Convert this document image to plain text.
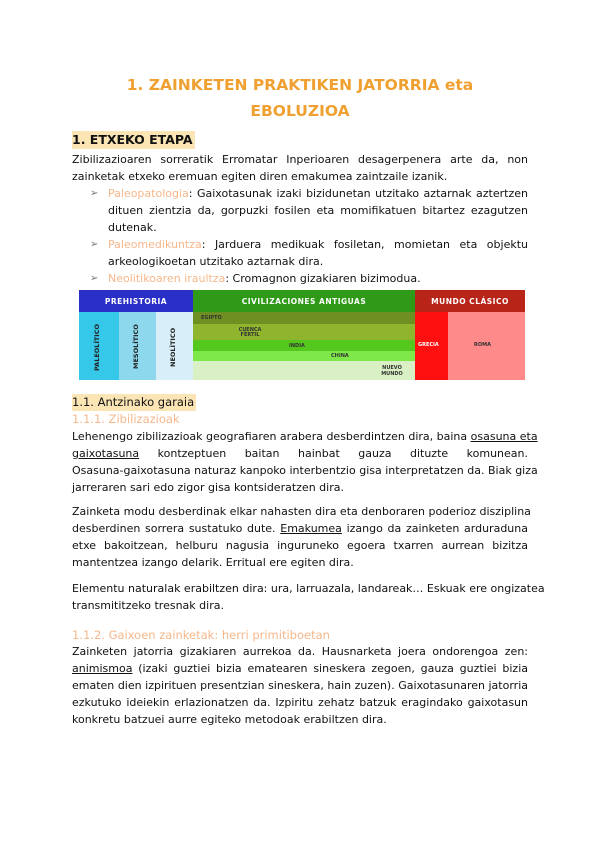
1. ZAINKETEN PRAKTIKEN JATORRIA eta
EBOLUZIOA
1. ETXEKO ETAPA
Zibilizazioaren sorreratik Erromatar Inperioaren desagerpenera arte da, non
zainketak etxeko eremuan egiten diren emakumea zaintzaile izanik.
➢ Paleopatologia: Gaixotasunak izaki bizidunetan utzitako aztarnak aztertzen
dituen zientzia da, gorpuzki fosilen eta momifikatuen bitartez ezagutzen
dutenak.
➢ Paleomedikuntza: Jarduera medikuak fosiletan, momietan eta objektu
arkeologikoetan utzitako aztarnak dira.
➢ Neolitikoaren iraultza: Cromagnon gizakiaren bizimodua.
1.1. Antzinako garaia
1.1.1. Zibilizazioak
Lehenengo zibilizazioak geografiaren arabera desberdintzen dira, baina osasuna eta
gaixotasuna kontzeptuen baitan hainbat gauza dituzte komunean.
Osasuna-gaixotasuna naturaz kanpoko interbentzio gisa interpretatzen da. Biak giza
jarreraren sari edo zigor gisa kontsideratzen dira.
Zainketa modu desberdinak elkar nahasten dira eta denboraren poderioz disziplina
desberdinen sorrera sustatuko dute. Emakumea izango da zainketen arduraduna
etxe bakoitzean, helburu nagusia inguruneko egoera txarren aurrean bizitza
mantentzea izango delarik. Erritual ere egiten dira.
Elementu naturalak erabiltzen dira: ura, larruazala, landareak… Eskuak ere ongizatea
transmititzeko tresnak dira.
1.1.2. Gaixoen zainketak: herri primitiboetan
Zainketen jatorria gizakiaren aurrekoa da. Hausnarketa joera ondorengoa zen:
animismoa (izaki guztiei bizia ematearen sineskera zegoen, gauza guztiei bizia
ematen dien izpirituen presentzian sineskera, hain zuzen). Gaixotasunaren jatorria
ezkutuko ideiekin erlazionatzen da. Izpiritu zehatz batzuk eragindako gaixotasun
konkretu batzuei aurre egiteko metodoak erabiltzen dira.
PREHISTORIA	CIVILIZACIONES ANTIGUAS	MUNDO CLÁSICO
PALEOLÍTICO	MESOLÍTICO	NEOLÍTICO
EGIPTO
CUENCA FÉRTIL
INDIA
CHINA
NUEVO MUNDO
GRECIA	ROMA
